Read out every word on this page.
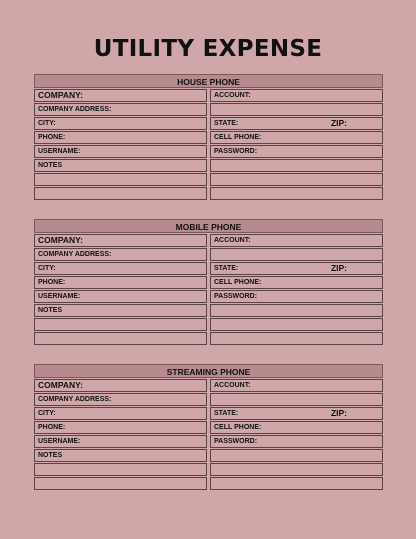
UTILITY EXPENSE
HOUSE PHONE
COMPANY:	ACCOUNT:
COMPANY ADDRESS:
CITY:	STATE:	ZIP:
PHONE:	CELL PHONE:
USERNAME:	PASSWORD:
NOTES
MOBILE PHONE
COMPANY:	ACCOUNT:
COMPANY ADDRESS:
CITY:	STATE:	ZIP:
PHONE:	CELL PHONE:
USERNAME:	PASSWORD:
NOTES
STREAMING PHONE
COMPANY:	ACCOUNT:
COMPANY ADDRESS:
CITY:	STATE:	ZIP:
PHONE:	CELL PHONE:
USERNAME:	PASSWORD:
NOTES
